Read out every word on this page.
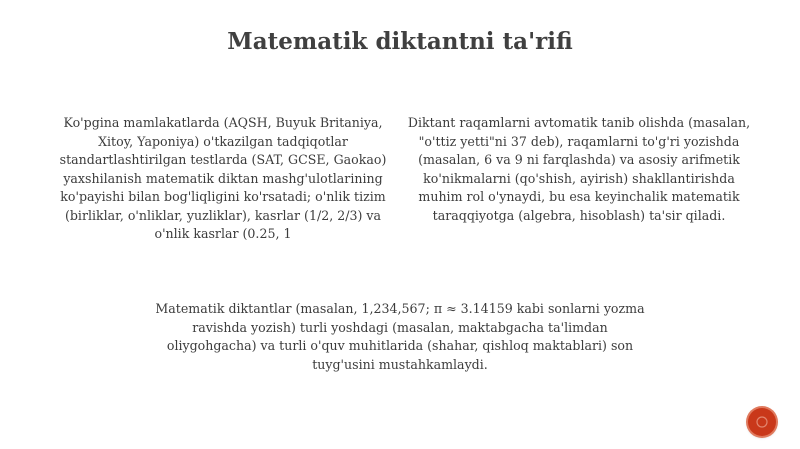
Matematik diktantni ta'rifi

Ko'pgina mamlakatlarda (AQSH, Buyuk Britaniya, Xitoy, Yaponiya) o'tkazilgan tadqiqotlar standartlashtirilgan testlarda (SAT, GCSE, Gaokao) yaxshilanish matematik diktan mashg'ulotlarining ko'payishi bilan bog'liqligini ko'rsatadi; o'nlik tizim (birliklar, o'nliklar, yuzliklar), kasrlar (1/2, 2/3) va o'nlik kasrlar (0.25, 1

Diktant raqamlarni avtomatik tanib olishda (masalan, "o'ttiz yetti"ni 37 deb), raqamlarni to'g'ri yozishda (masalan, 6 va 9 ni farqlashda) va asosiy arifmetik ko'nikmalarni (qo'shish, ayirish) shakllantirishda muhim rol o'ynaydi, bu esa keyinchalik matematik taraqqiyotga (algebra, hisoblash) ta'sir qiladi.

Matematik diktantlar (masalan, 1,234,567; π ≈ 3.14159 kabi sonlarni yozma ravishda yozish) turli yoshdagi (masalan, maktabgacha ta'limdan oliygohgacha) va turli o'quv muhitlarida (shahar, qishloq maktablari) son tuyg'usini mustahkamlaydi.
